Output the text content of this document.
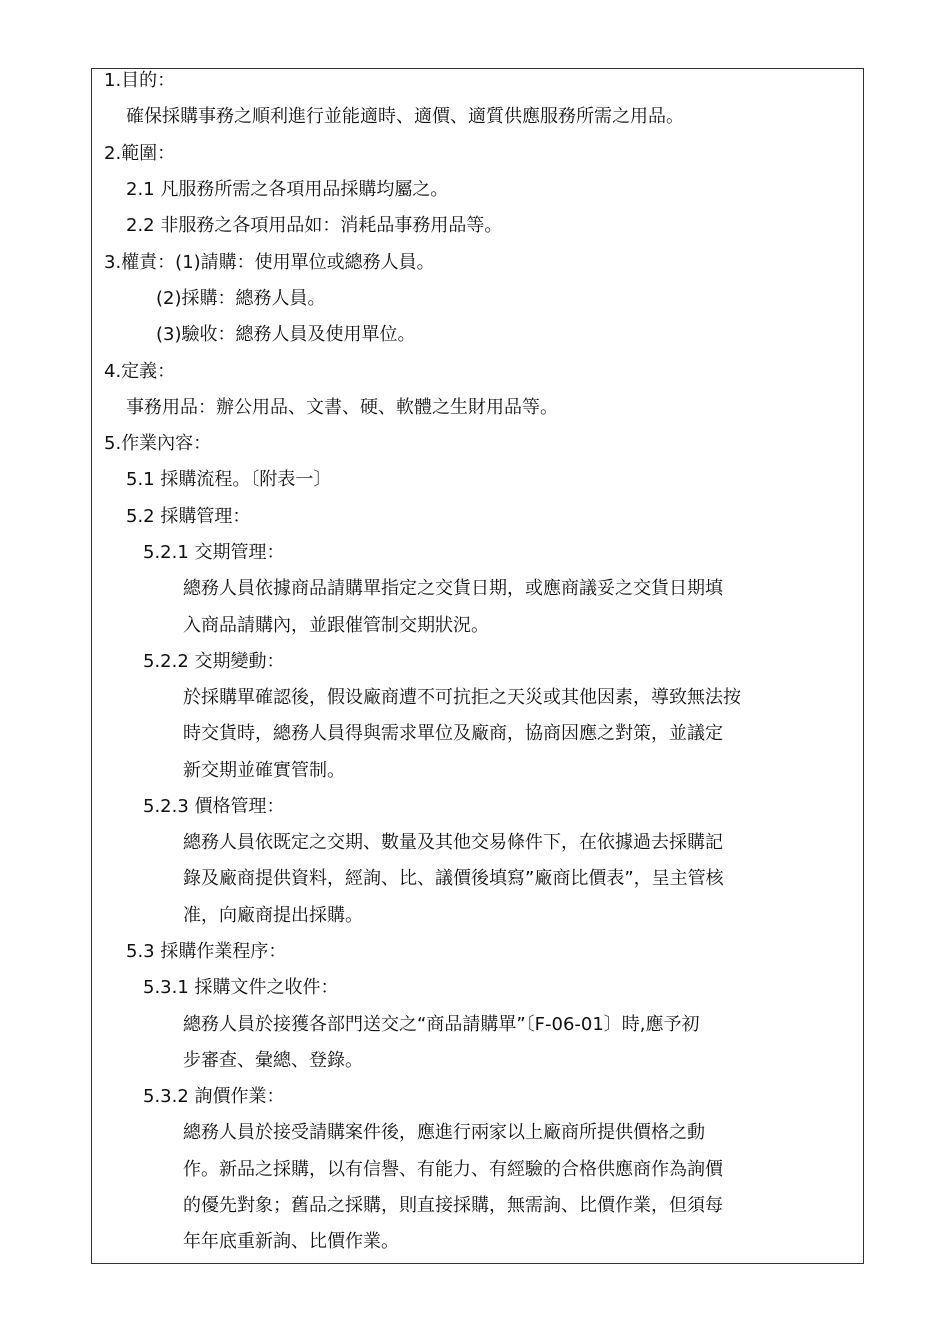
1.目的：
確保採購事務之順利進行並能適時、適價、適質供應服務所需之用品。
2.範圍：
2.1 凡服務所需之各項用品採購均屬之。
2.2 非服務之各項用品如：消耗品事務用品等。
3.權責：(1)請購：使用單位或總務人員。
(2)採購：總務人員。
(3)驗收：總務人員及使用單位。
4.定義：
事務用品：辦公用品、文書、硬、軟體之生財用品等。
5.作業內容：
5.1 採購流程。〔附表一〕
5.2 採購管理：
5.2.1 交期管理：
總務人員依據商品請購單指定之交貨日期，或應商議妥之交貨日期填
入商品請購內，並跟催管制交期狀況。
5.2.2 交期變動：
於採購單確認後，假设廠商遭不可抗拒之天災或其他因素，導致無法按
時交貨時，總務人員得與需求單位及廠商，協商因應之對策，並議定
新交期並確實管制。
5.2.3 價格管理：
總務人員依既定之交期、數量及其他交易條件下，在依據過去採購記
錄及廠商提供資料，經詢、比、議價後填寫”廠商比價表”，呈主管核
准，向廠商提出採購。
5.3 採購作業程序：
5.3.1 採購文件之收件：
總務人員於接獲各部門送交之“商品請購單”〔F-06-01〕時,應予初
步審查、彙總、登錄。
5.3.2 詢價作業：
總務人員於接受請購案件後，應進行兩家以上廠商所提供價格之動
作。新品之採購，以有信譽、有能力、有經驗的合格供應商作為詢價
的優先對象；舊品之採購，則直接採購，無需詢、比價作業，但須每
年年底重新詢、比價作業。
